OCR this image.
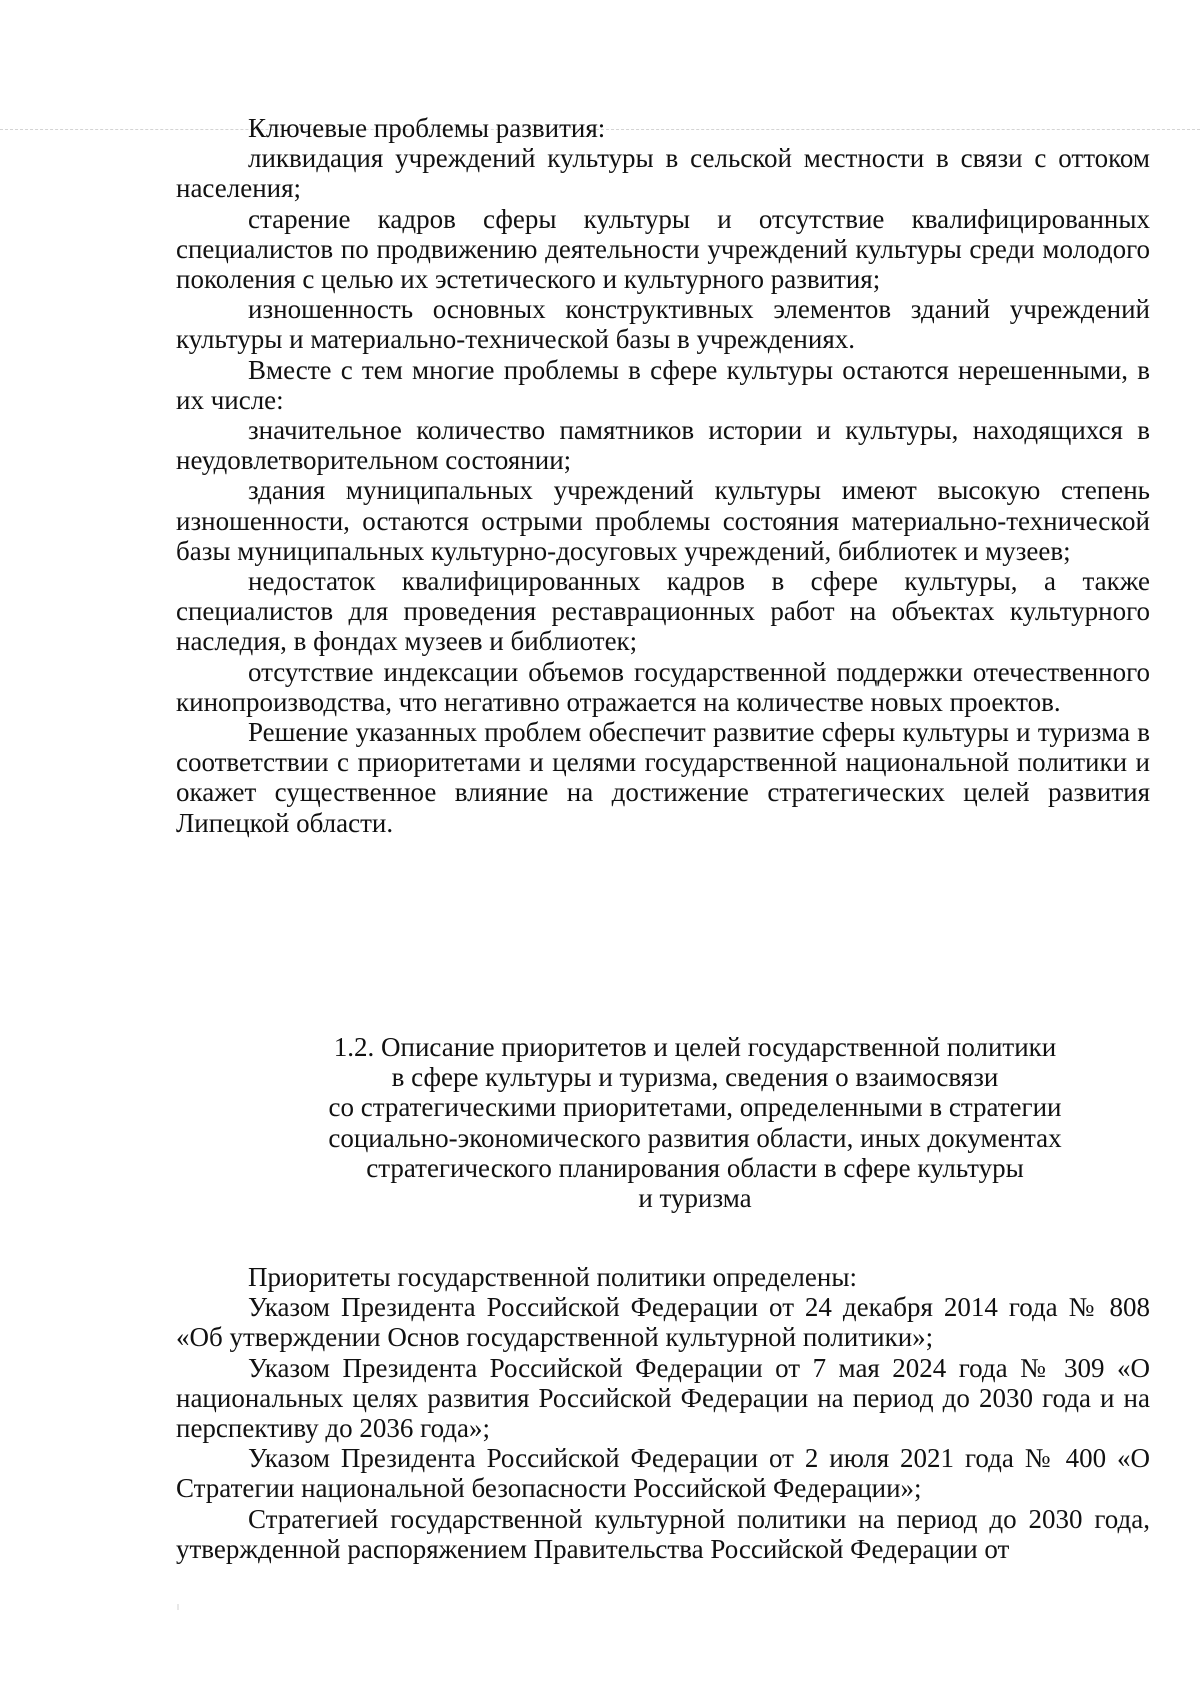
Ключевые проблемы развития:

ликвидация учреждений культуры в сельской местности в связи с оттоком населения;

старение кадров сферы культуры и отсутствие квалифицированных специалистов по продвижению деятельности учреждений культуры среди молодого поколения с целью их эстетического и культурного развития;

изношенность основных конструктивных элементов зданий учреждений культуры и материально-технической базы в учреждениях.

Вместе с тем многие проблемы в сфере культуры остаются нерешенными, в их числе:

значительное количество памятников истории и культуры, находящихся в неудовлетворительном состоянии;

здания муниципальных учреждений культуры имеют высокую степень изношенности, остаются острыми проблемы состояния материально-технической базы муниципальных культурно-досуговых учреждений, библиотек и музеев;

недостаток квалифицированных кадров в сфере культуры, а также специалистов для проведения реставрационных работ на объектах культурного наследия, в фондах музеев и библиотек;

отсутствие индексации объемов государственной поддержки отечественного кинопроизводства, что негативно отражается на количестве новых проектов.

Решение указанных проблем обеспечит развитие сферы культуры и туризма в соответствии с приоритетами и целями государственной национальной политики и окажет существенное влияние на достижение стратегических целей развития Липецкой области.

1.2. Описание приоритетов и целей государственной политики
в сфере культуры и туризма, сведения о взаимосвязи
со стратегическими приоритетами, определенными в стратегии
социально-экономического развития области, иных документах
стратегического планирования области в сфере культуры
и туризма

Приоритеты государственной политики определены:

Указом Президента Российской Федерации от 24 декабря 2014 года № 808 «Об утверждении Основ государственной культурной политики»;

Указом Президента Российской Федерации от 7 мая 2024 года № 309 «О национальных целях развития Российской Федерации на период до 2030 года и на перспективу до 2036 года»;

Указом Президента Российской Федерации от 2 июля 2021 года № 400 «О Стратегии национальной безопасности Российской Федерации»;

Стратегией государственной культурной политики на период до 2030 года, утвержденной распоряжением Правительства Российской Федерации от
